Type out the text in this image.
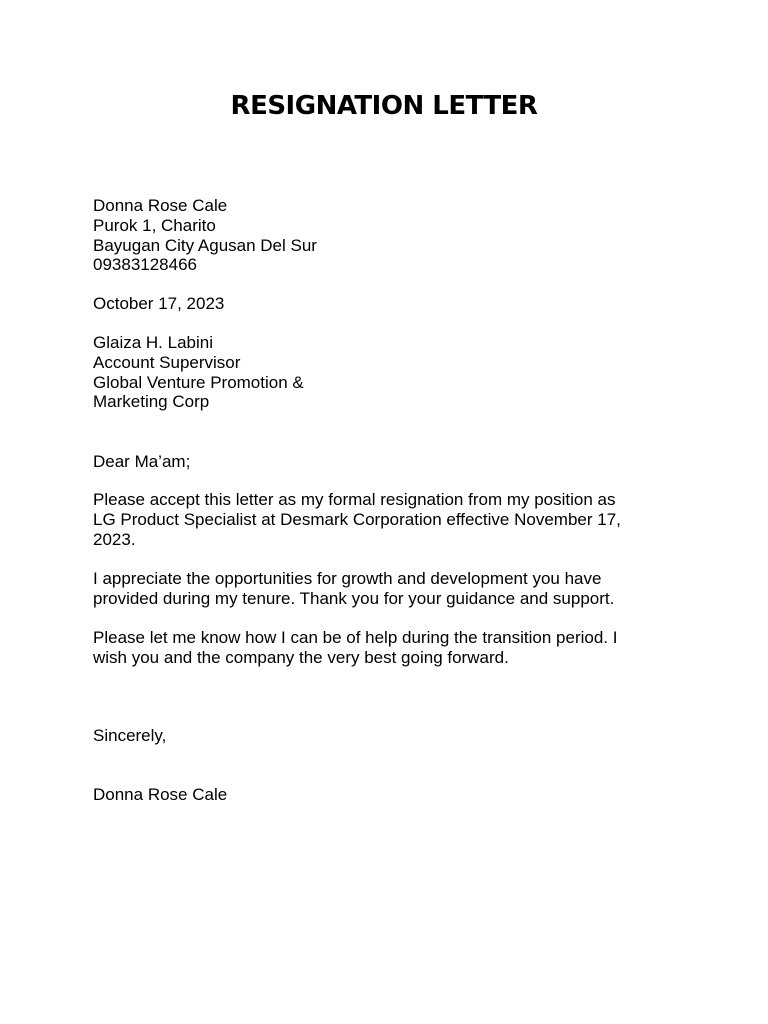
RESIGNATION LETTER
Donna Rose Cale
Purok 1, Charito
Bayugan City Agusan Del Sur
09383128466
October 17, 2023
Glaiza H. Labini
Account Supervisor
Global Venture Promotion &
Marketing Corp
Dear Ma’am;
Please accept this letter as my formal resignation from my position as
LG Product Specialist at Desmark Corporation effective November 17,
2023.
I appreciate the opportunities for growth and development you have
provided during my tenure. Thank you for your guidance and support.
Please let me know how I can be of help during the transition period. I
wish you and the company the very best going forward.
Sincerely,
Donna Rose Cale
